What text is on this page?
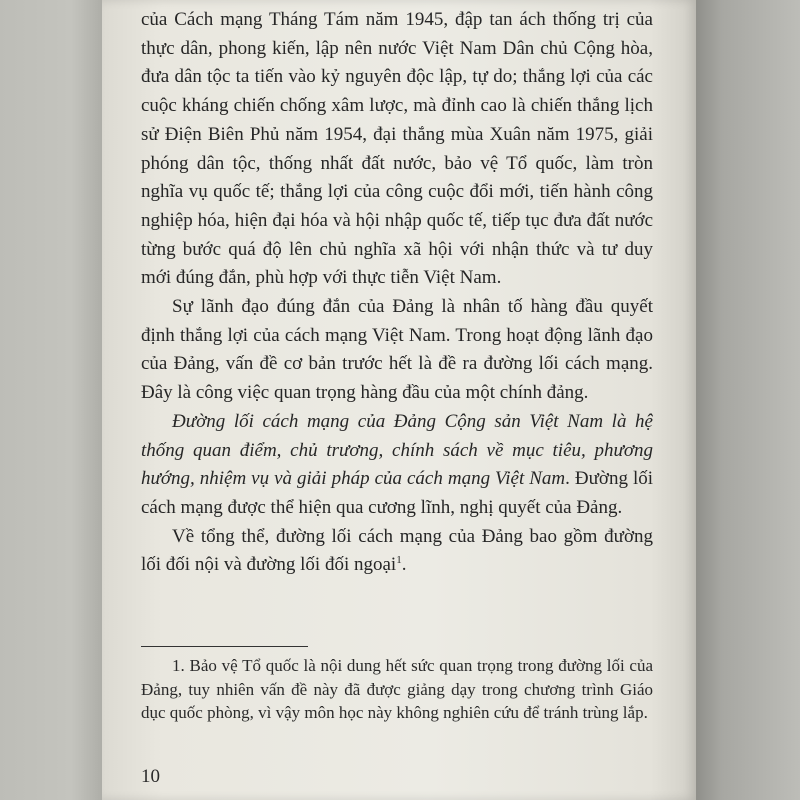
của Cách mạng Tháng Tám năm 1945, đập tan ách thống trị của thực dân, phong kiến, lập nên nước Việt Nam Dân chủ Cộng hòa, đưa dân tộc ta tiến vào kỷ nguyên độc lập, tự do; thắng lợi của các cuộc kháng chiến chống xâm lược, mà đỉnh cao là chiến thắng lịch sử Điện Biên Phủ năm 1954, đại thắng mùa Xuân năm 1975, giải phóng dân tộc, thống nhất đất nước, bảo vệ Tổ quốc, làm tròn nghĩa vụ quốc tế; thắng lợi của công cuộc đổi mới, tiến hành công nghiệp hóa, hiện đại hóa và hội nhập quốc tế, tiếp tục đưa đất nước từng bước quá độ lên chủ nghĩa xã hội với nhận thức và tư duy mới đúng đắn, phù hợp với thực tiễn Việt Nam.

Sự lãnh đạo đúng đắn của Đảng là nhân tố hàng đầu quyết định thắng lợi của cách mạng Việt Nam. Trong hoạt động lãnh đạo của Đảng, vấn đề cơ bản trước hết là đề ra đường lối cách mạng. Đây là công việc quan trọng hàng đầu của một chính đảng.

Đường lối cách mạng của Đảng Cộng sản Việt Nam là hệ thống quan điểm, chủ trương, chính sách về mục tiêu, phương hướng, nhiệm vụ và giải pháp của cách mạng Việt Nam. Đường lối cách mạng được thể hiện qua cương lĩnh, nghị quyết của Đảng.

Về tổng thể, đường lối cách mạng của Đảng bao gồm đường lối đối nội và đường lối đối ngoại$^1$.

1. Bảo vệ Tổ quốc là nội dung hết sức quan trọng trong đường lối của Đảng, tuy nhiên vấn đề này đã được giảng dạy trong chương trình Giáo dục quốc phòng, vì vậy môn học này không nghiên cứu để tránh trùng lắp.

10
